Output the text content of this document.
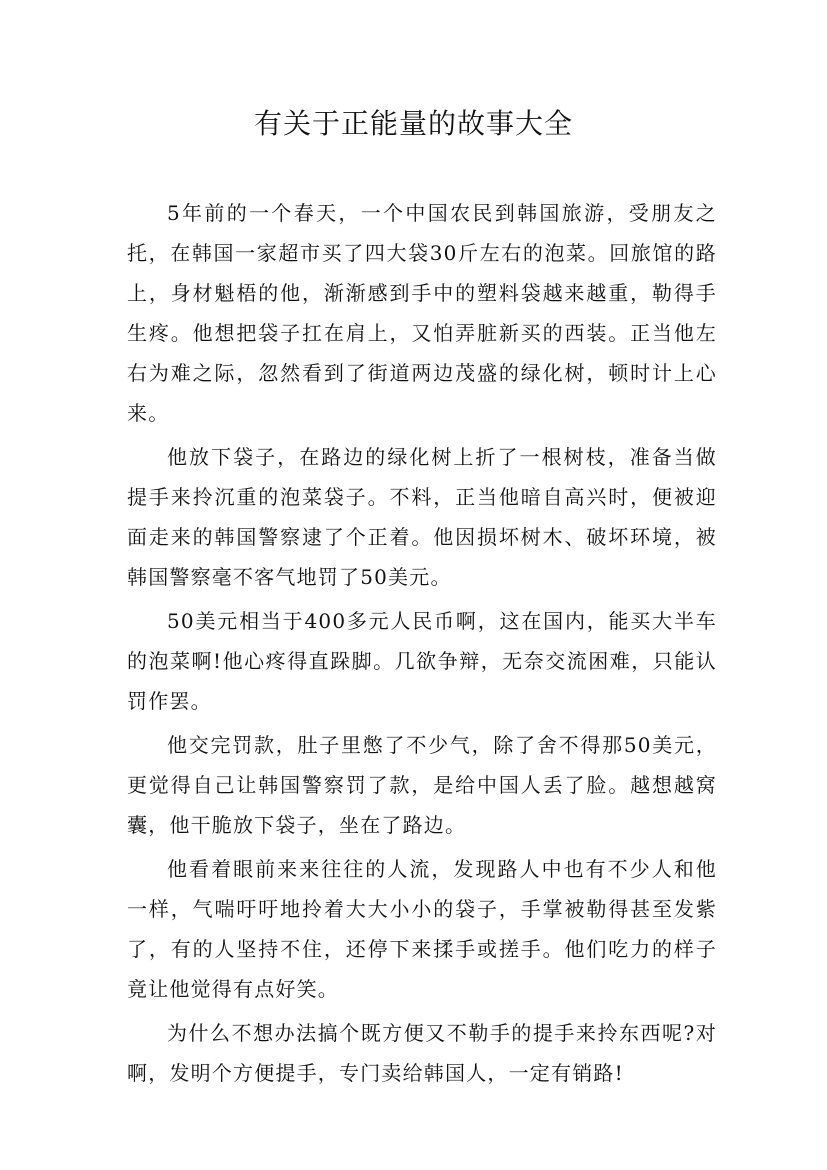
有关于正能量的故事大全

5年前的一个春天，一个中国农民到韩国旅游，受朋友之托，在韩国一家超市买了四大袋30斤左右的泡菜。回旅馆的路上，身材魁梧的他，渐渐感到手中的塑料袋越来越重，勒得手生疼。他想把袋子扛在肩上，又怕弄脏新买的西装。正当他左右为难之际，忽然看到了街道两边茂盛的绿化树，顿时计上心来。

他放下袋子，在路边的绿化树上折了一根树枝，准备当做提手来拎沉重的泡菜袋子。不料，正当他暗自高兴时，便被迎面走来的韩国警察逮了个正着。他因损坏树木、破坏环境，被韩国警察毫不客气地罚了50美元。

50美元相当于400多元人民币啊，这在国内，能买大半车的泡菜啊!他心疼得直跺脚。几欲争辩，无奈交流困难，只能认罚作罢。

他交完罚款，肚子里憋了不少气，除了舍不得那50美元，更觉得自己让韩国警察罚了款，是给中国人丢了脸。越想越窝囊，他干脆放下袋子，坐在了路边。

他看着眼前来来往往的人流，发现路人中也有不少人和他一样，气喘吁吁地拎着大大小小的袋子，手掌被勒得甚至发紫了，有的人坚持不住，还停下来揉手或搓手。他们吃力的样子竟让他觉得有点好笑。

为什么不想办法搞个既方便又不勒手的提手来拎东西呢?对啊，发明个方便提手，专门卖给韩国人，一定有销路!
